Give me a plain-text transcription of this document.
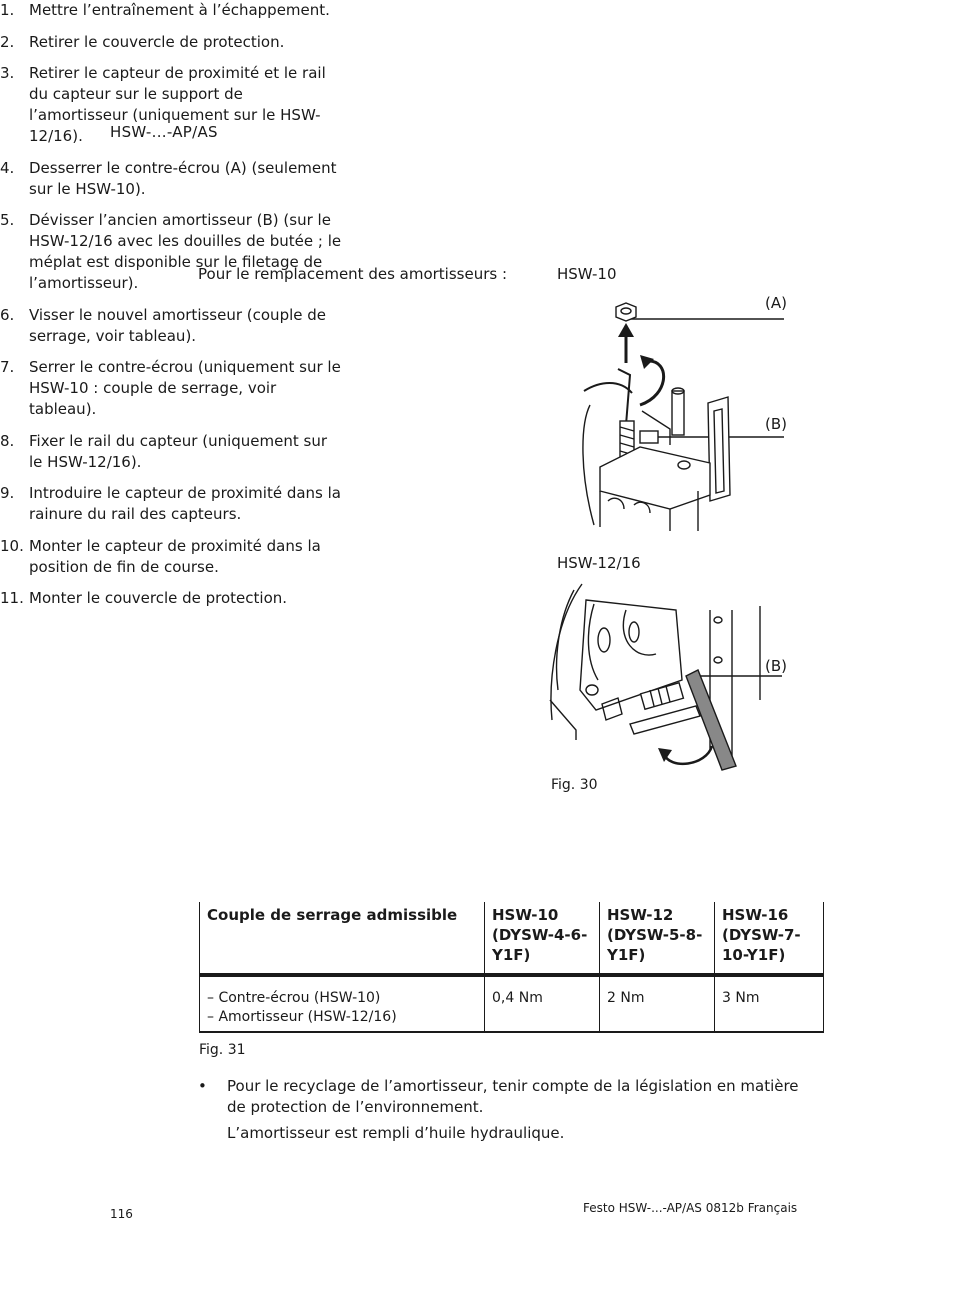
HSW-...-AP/AS
Pour le remplacement des amortisseurs :
1. Mettre l’entraînement à l’échappement.
2. Retirer le couvercle de protection.
3. Retirer le capteur de proximité et le rail du capteur sur le support de l’amortisseur (uniquement sur le HSW-12/16).
4. Desserrer le contre-écrou (A) (seulement sur le HSW-10).
5. Dévisser l’ancien amortisseur (B) (sur le HSW-12/16 avec les douilles de butée ; le méplat est disponible sur le filetage de l’amortisseur).
6. Visser le nouvel amortisseur (couple de serrage, voir tableau).
7. Serrer le contre-écrou (uniquement sur le HSW-10 : couple de serrage, voir tableau).
8. Fixer le rail du capteur (uniquement sur le HSW-12/16).
9. Introduire le capteur de proximité dans la rainure du rail des capteurs.
10. Monter le capteur de proximité dans la position de fin de course.
11. Monter le couvercle de protection.
HSW-10
(A)
(B)
HSW-12/16
(B)
Fig. 30
Couple de serrage admissible	HSW-10 (DYSW-4-6-Y1F)	HSW-12 (DYSW-5-8-Y1F)	HSW-16 (DYSW-7-10-Y1F)

– Contre-écrou (HSW-10)
– Amortisseur (HSW-12/16)	0,4 Nm	2 Nm	3 Nm
Fig. 31
• Pour le recyclage de l’amortisseur, tenir compte de la législation en matière de protection de l’environnement.
L’amortisseur est rempli d’huile hydraulique.
116	Festo HSW-...-AP/AS 0812b Français
